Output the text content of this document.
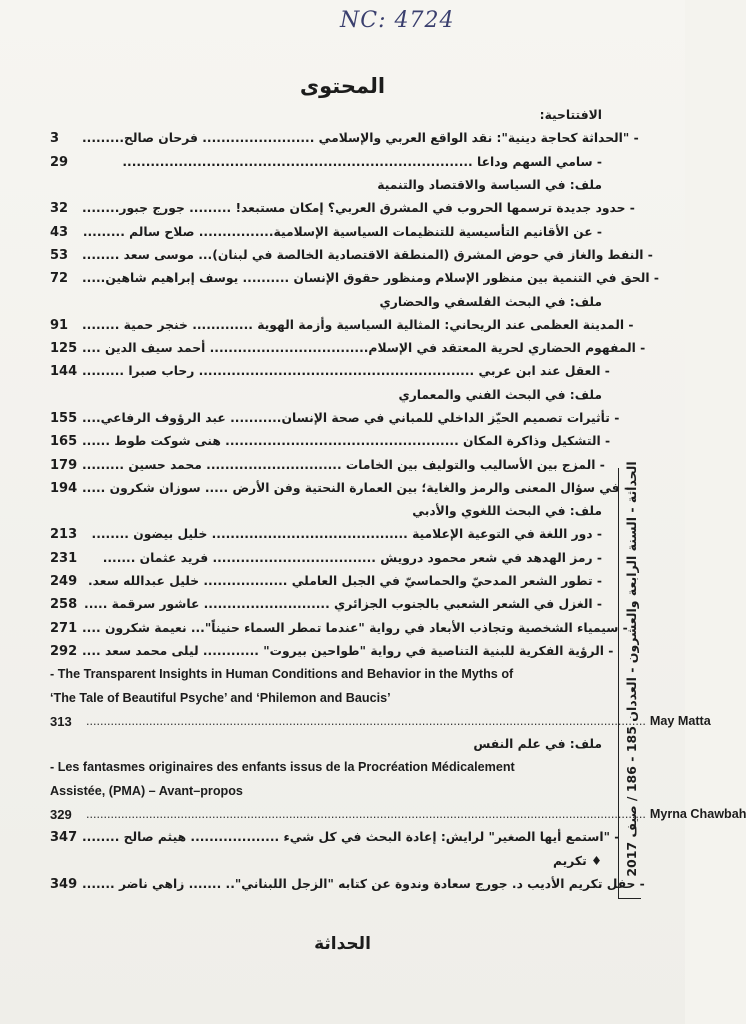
NC: 4724
المحتوى
الافتتاحية:
3	- "الحداثة كحاجة دينية": نقد الواقع العربي والإسلامي ........................ فرحان صالح.........
29	- سامي السهم وداعا ...........................................................................
ملف: في السياسة والاقتصاد والتنمية
32	- حدود جديدة ترسمها الحروب في المشرق العربي؟ إمكان مستبعد! ......... جورج جبور........
43	- عن الأقانيم التأسيسية للتنظيمات السياسية الإسلامية................ صلاح سالم .........
53	- النفط والغاز في حوض المشرق (المنطقة الاقتصادية الخالصة في لبنان)... موسى سعد ........
72	- الحق في التنمية بين منظور الإسلام ومنظور حقوق الإنسان .......... يوسف إبراهيم شاهين.....
ملف: في البحث الفلسفي والحضاري
91	- المدينة العظمى عند الريحاني: المثالية السياسية وأزمة الهوية ............. خنجر حمية ........
125 - المفهوم الحضاري لحرية المعتقد في الإسلام.................................. أحمد سيف الدين ....
144 - العقل عند ابن عربي ........................................................... رحاب صبرا .........
ملف: في البحث الفني والمعماري
155 - تأثيرات تصميم الحيّز الداخلي للمباني في صحة الإنسان........... عبد الرؤوف الرفاعي....
165 - التشكيل وذاكرة المكان .................................................. هنى شوكت طوط ......
179 - المزج بين الأساليب والتوليف بين الخامات ............................. محمد حسين .........
194 - في سؤال المعنى والرمز والغاية؛ بين العمارة النحتية وفن الأرض ..... سوزان شكرون .....
ملف: في البحث اللغوي والأدبي
213	- دور اللغة في التوعية الإعلامية .......................................... خليل بيضون ........
231	- رمز الهدهد في شعر محمود درويش ................................... فريد عثمان .......
249 - تطور الشعر المدحيّ والحماسيّ في الجبل العاملي .................. خليل عبدالله سعد.
258 - الغزل في الشعر الشعبي بالجنوب الجزائري ........................... عاشور سرقمة .....
271 - سيمياء الشخصية وتجاذب الأبعاد في رواية "عندما تمطر السماء حنيناً"... نعيمة شكرون ....
292 - الرؤية الفكرية للبنية التناصية في رواية "طواحين بيروت" ............ ليلى محمد سعد ....
- The Transparent Insights in Human Conditions and Behavior in the Myths of
‘The Tale of Beautiful Psyche’ and ‘Philemon and Baucis’
313	................................................................................................................................................................ May Matta
ملف: في علم النفس
- Les fantasmes originaires des enfants issus de la Procréation Médicalement
Assistée, (PMA) – Avant–propos
329	................................................................................................................................................................ Myrna Chawbah
347 - "استمع أيها الصغير" لرايش: إعادة البحث في كل شيء ................... هيثم صالح ........
♦ تكريم
349 - حفل تكريم الأديب د. جورج سعادة وندوة عن كتابه "الزجل اللبناني".. ....... زاهي ناضر .......
الحداثة - السنة الرابعة والعشرون - العددان 185 - 186 / صيف 2017
الحداثة
